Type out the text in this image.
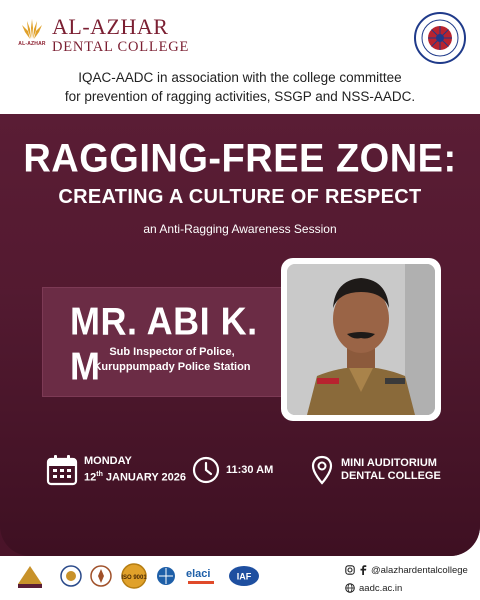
AL-AZHAR
AL-AZHAR
DENTAL COLLEGE
IQAC-AADC in association with the college committee
for prevention of ragging activities, SSGP and NSS-AADC.
RAGGING-FREE ZONE:
CREATING A CULTURE OF RESPECT
an Anti-Ragging Awareness Session
MR. ABI K. M Sub Inspector of Police,
Kuruppumpady Police Station
MONDAY
12th JANUARY 2026
11:30 AM
MINI AUDITORIUM
DENTAL COLLEGE
ISO 9001	elaci	IAF
@alazhardentalcollege
aadc.ac.in
